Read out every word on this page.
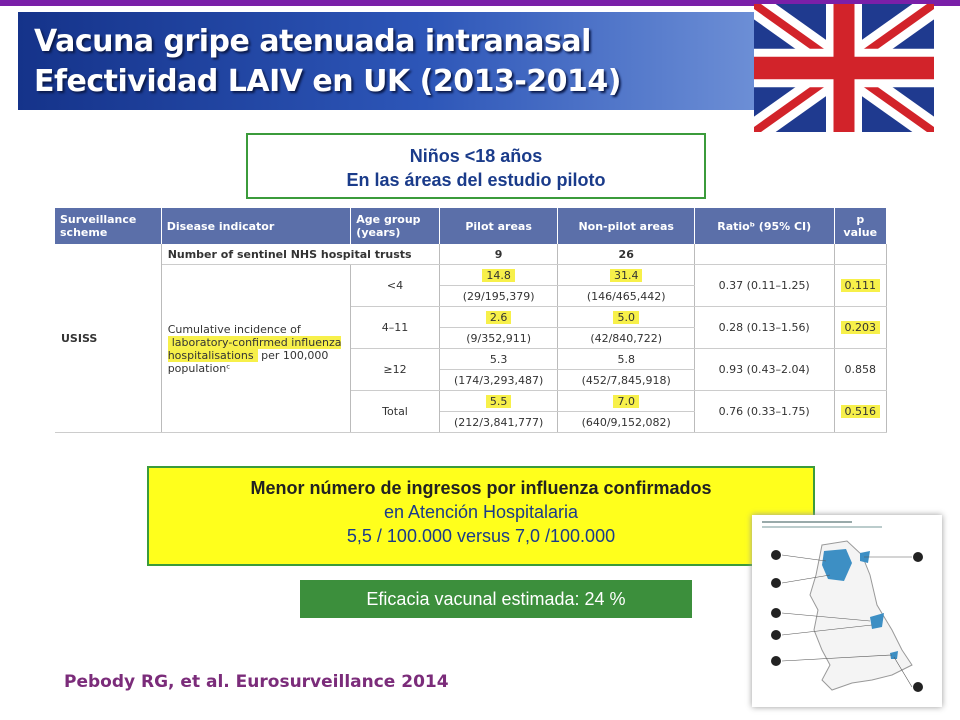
Vacuna gripe atenuada intranasal
Efectividad LAIV en UK (2013-2014)
Niños <18 años
En las áreas del estudio piloto
Surveillance scheme	Disease indicator	Age group (years)	Pilot areas	Non-pilot areas	Ratioᵇ (95% CI)	p value
USISS	Number of sentinel NHS hospital trusts		9	26		
	Cumulative incidence of laboratory-confirmed influenza hospitalisations per 100,000 populationᶜ	<4	14.8	31.4	0.37 (0.11–1.25)	0.111
			(29/195,379)	(146/465,442)		
		4–11	2.6	5.0	0.28 (0.13–1.56)	0.203
			(9/352,911)	(42/840,722)		
		≥12	5.3	5.8	0.93 (0.43–2.04)	0.858
			(174/3,293,487)	(452/7,845,918)		
		Total	5.5	7.0	0.76 (0.33–1.75)	0.516
			(212/3,841,777)	(640/9,152,082)		
Menor número de ingresos por influenza confirmados
en Atención Hospitalaria
5,5 / 100.000 versus 7,0 /100.000
Eficacia vacunal estimada: 24 %
Pebody RG, et al. Eurosurveillance 2014
